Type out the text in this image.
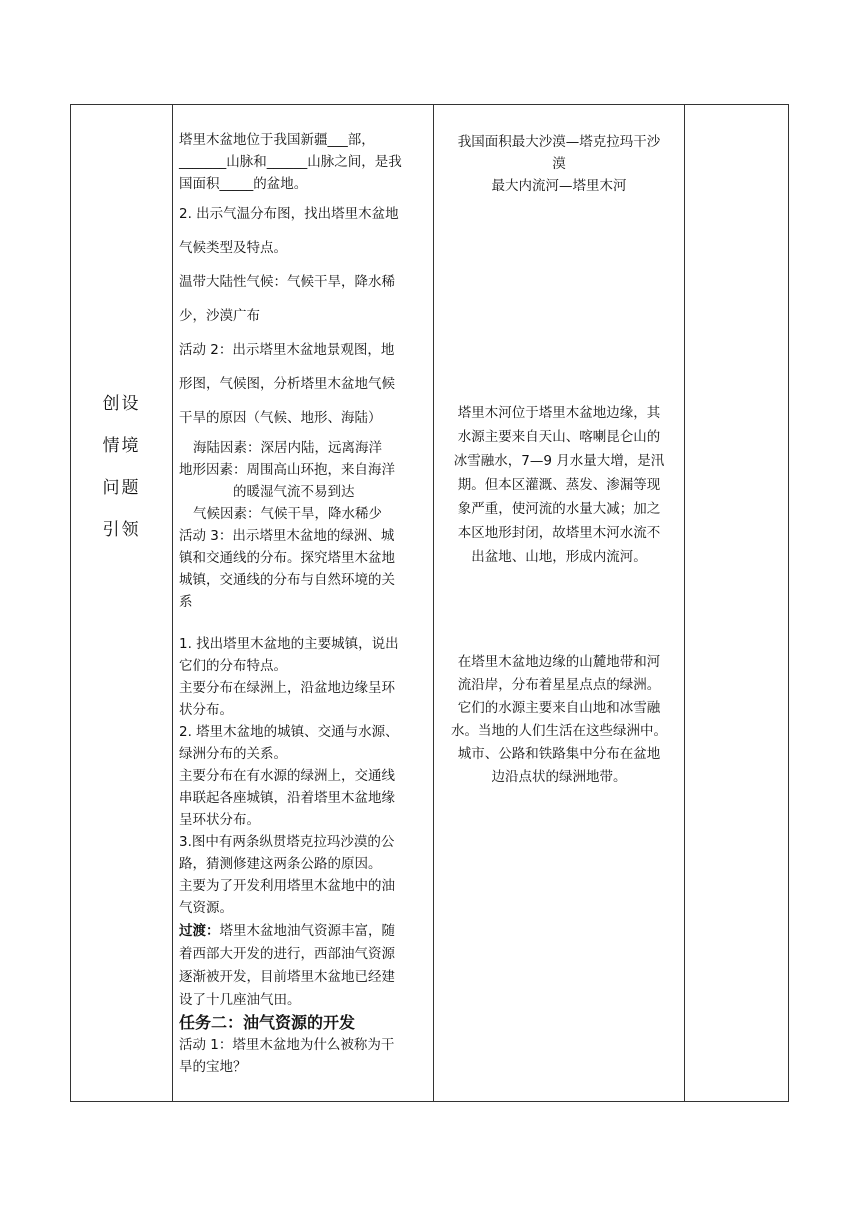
创设
情境
问题
引领
塔里木盆地位于我国新疆___部，
_______山脉和______山脉之间，是我
国面积_____的盆地。
2. 出示气温分布图，找出塔里木盆地
气候类型及特点。
温带大陆性气候：气候干旱，降水稀
少，沙漠广布
活动 2：出示塔里木盆地景观图，地
形图，气候图，分析塔里木盆地气候
干旱的原因（气候、地形、海陆）
海陆因素：深居内陆，远离海洋
地形因素：周围高山环抱，来自海洋
的暖湿气流不易到达
气候因素：气候干旱，降水稀少
活动 3：出示塔里木盆地的绿洲、城
镇和交通线的分布。探究塔里木盆地
城镇，交通线的分布与自然环境的关
系
1. 找出塔里木盆地的主要城镇，说出
它们的分布特点。
主要分布在绿洲上，沿盆地边缘呈环
状分布。
2. 塔里木盆地的城镇、交通与水源、
绿洲分布的关系。
主要分布在有水源的绿洲上，交通线
串联起各座城镇，沿着塔里木盆地缘
呈环状分布。
3.图中有两条纵贯塔克拉玛沙漠的公
路，猜测修建这两条公路的原因。
主要为了开发利用塔里木盆地中的油
气资源。
过渡：塔里木盆地油气资源丰富，随
着西部大开发的进行，西部油气资源
逐渐被开发，目前塔里木盆地已经建
设了十几座油气田。
任务二：油气资源的开发
活动 1：塔里木盆地为什么被称为干
旱的宝地？
我国面积最大沙漠—塔克拉玛干沙
漠
最大内流河—塔里木河
塔里木河位于塔里木盆地边缘，其
水源主要来自天山、喀喇昆仑山的
冰雪融水，7—9 月水量大增，是汛
期。但本区灌溉、蒸发、渗漏等现
象严重，使河流的水量大减；加之
本区地形封闭，故塔里木河水流不
出盆地、山地，形成内流河。
在塔里木盆地边缘的山麓地带和河
流沿岸，分布着星星点点的绿洲。
它们的水源主要来自山地和冰雪融
水。当地的人们生活在这些绿洲中。
城市、公路和铁路集中分布在盆地
边沿点状的绿洲地带。
